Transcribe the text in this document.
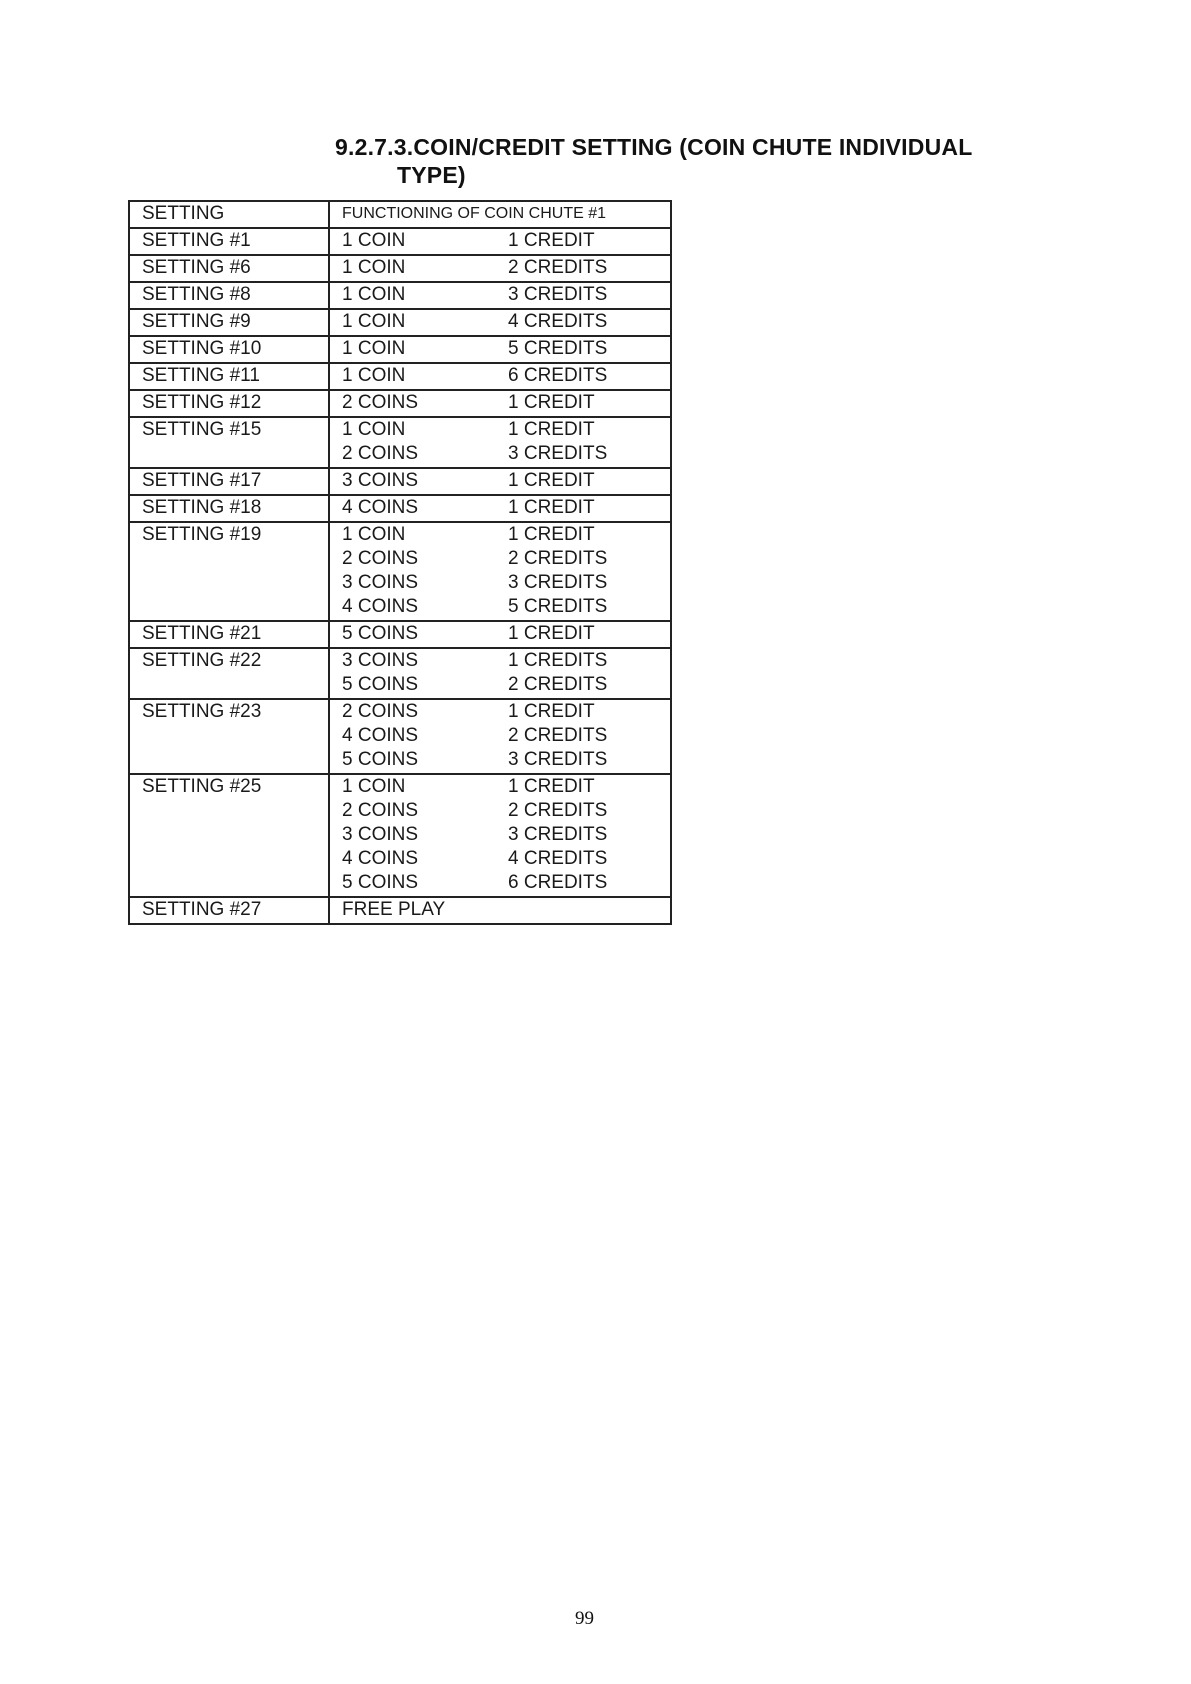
9.2.7.3.COIN/CREDIT SETTING (COIN CHUTE INDIVIDUAL
TYPE)
SETTING	FUNCTIONING OF COIN CHUTE #1

SETTING #1	1 COIN 1 CREDIT

SETTING #6	1 COIN 2 CREDITS

SETTING #8	1 COIN 3 CREDITS

SETTING #9	1 COIN 4 CREDITS

SETTING #10	1 COIN 5 CREDITS

SETTING #11	1 COIN 6 CREDITS

SETTING #12	2 COINS 1 CREDIT

SETTING #15	1 COIN 1 CREDIT
2 COINS 3 CREDITS

SETTING #17	3 COINS 1 CREDIT

SETTING #18	4 COINS 1 CREDIT

SETTING #19	1 COIN 1 CREDIT
2 COINS 2 CREDITS
3 COINS 3 CREDITS
4 COINS 5 CREDITS

SETTING #21	5 COINS 1 CREDIT

SETTING #22	3 COINS 1 CREDITS
5 COINS 2 CREDITS

SETTING #23	2 COINS 1 CREDIT
4 COINS 2 CREDITS
5 COINS 3 CREDITS

SETTING #25	1 COIN 1 CREDIT
2 COINS 2 CREDITS
3 COINS 3 CREDITS
4 COINS 4 CREDITS
5 COINS 6 CREDITS

SETTING #27	FREE PLAY
99
